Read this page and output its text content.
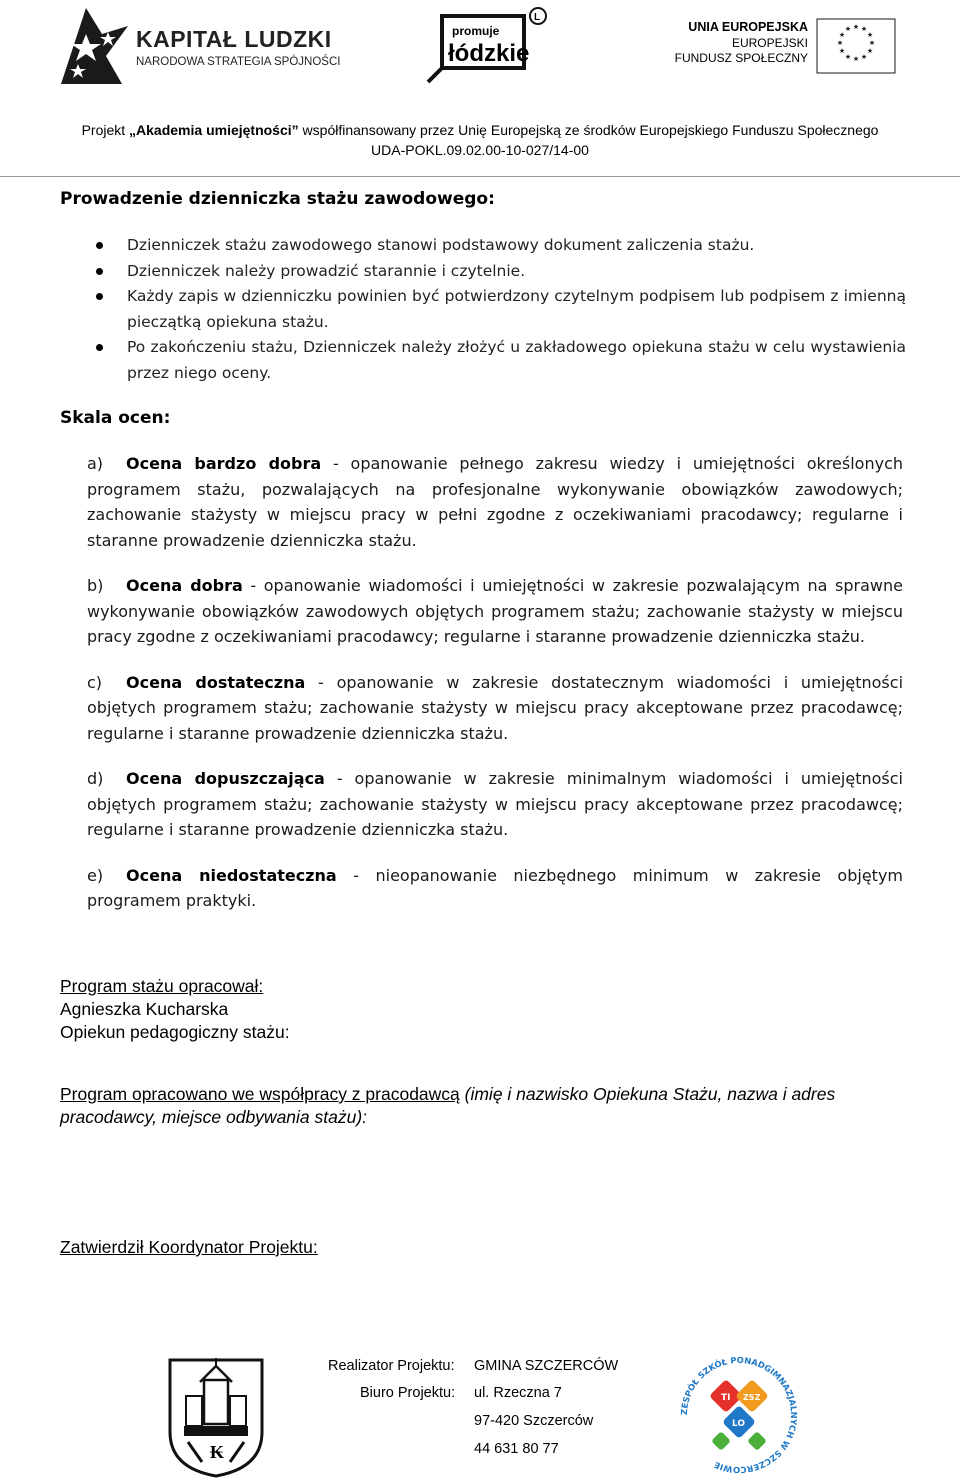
KAPITAŁ LUDZKI
NARODOWA STRATEGIA SPÓJNOŚCI
L
promuje
łódzkie
UNIA EUROPEJSKA
EUROPEJSKI
FUNDUSZ SPOŁECZNY
★ ★
★
★
★
★
★
★
★
★
★
★
Projekt „Akademia umiejętności” współfinansowany przez Unię Europejską ze środków Europejskiego Funduszu Społecznego
UDA-POKL.09.02.00-10-027/14-00
Prowadzenie dzienniczka stażu zawodowego:
Dzienniczek stażu zawodowego stanowi podstawowy dokument zaliczenia stażu.
Dzienniczek należy prowadzić starannie i czytelnie.
Każdy zapis w dzienniczku powinien być potwierdzony czytelnym podpisem lub podpisem z imienną pieczątką opiekuna stażu.
Po zakończeniu stażu, Dzienniczek należy złożyć u zakładowego opiekuna stażu w celu wystawienia przez niego oceny.
Skala ocen:
a) Ocena bardzo dobra - opanowanie pełnego zakresu wiedzy i umiejętności określonych programem stażu, pozwalających na profesjonalne wykonywanie obowiązków zawodowych; zachowanie stażysty w miejscu pracy w pełni zgodne z oczekiwaniami pracodawcy; regularne i staranne prowadzenie dzienniczka stażu.
b) Ocena dobra - opanowanie wiadomości i umiejętności w zakresie pozwalającym na sprawne wykonywanie obowiązków zawodowych objętych programem stażu; zachowanie stażysty w miejscu pracy zgodne z oczekiwaniami pracodawcy; regularne i staranne prowadzenie dzienniczka stażu.
c) Ocena dostateczna - opanowanie w zakresie dostatecznym wiadomości i umiejętności objętych programem stażu; zachowanie stażysty w miejscu pracy akceptowane przez pracodawcę; regularne i staranne prowadzenie dzienniczka stażu.
d) Ocena dopuszczająca - opanowanie w zakresie minimalnym wiadomości i umiejętności objętych programem stażu; zachowanie stażysty w miejscu pracy akceptowane przez pracodawcę; regularne i staranne prowadzenie dzienniczka stażu.
e) Ocena niedostateczna - nieopanowanie niezbędnego minimum w zakresie objętym programem praktyki.
Program stażu opracował:
Agnieszka Kucharska
Opiekun pedagogiczny stażu:
Program opracowano we współpracy z pracodawcą (imię i nazwisko Opiekuna Stażu, nazwa i adres pracodawcy, miejsce odbywania stażu):
Zatwierdził Koordynator Projektu:
₭
Realizator Projektu: GMINA SZCZERCÓW
Biuro Projektu: ul. Rzeczna 7
97-420 Szczerców
44 631 80 77
ZESPÓŁ SZKÓŁ PONADGIMNAZJALNYCH W SZCZERCOWIE
TI ZSZ
LO
